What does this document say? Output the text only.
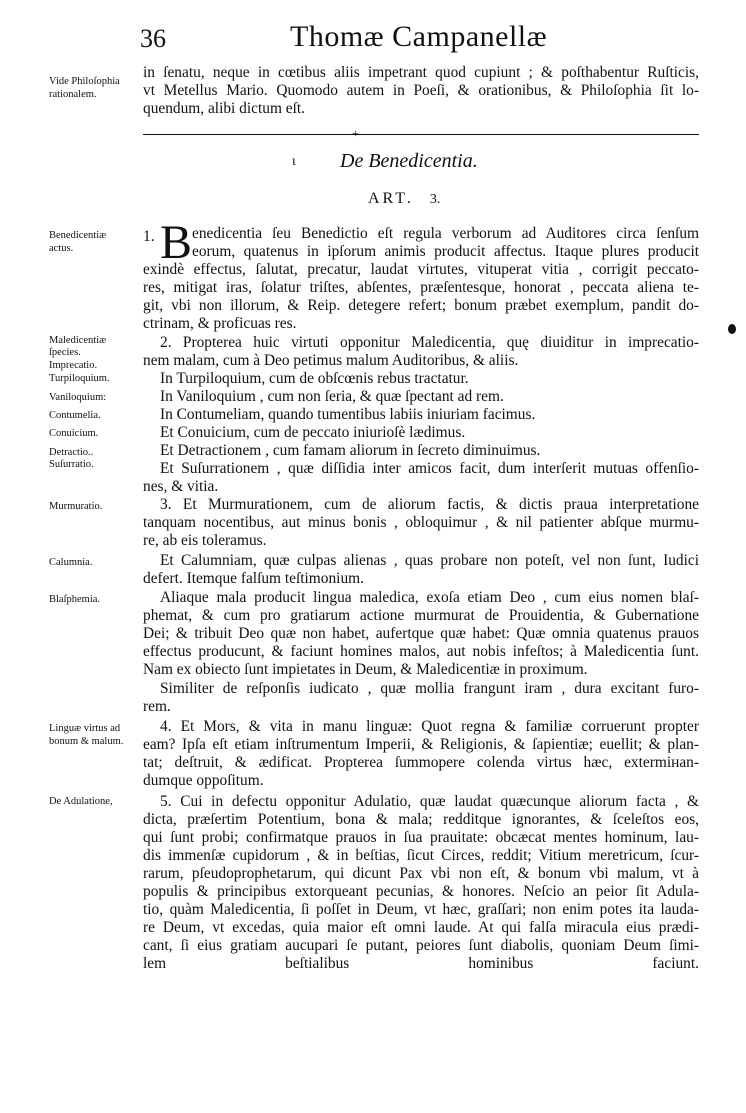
36	Thomæ Campanellæ
Vide Philoſophia
rationalem.
in ſenatu, neque in cœtibus aliis impetrant quod cupiunt ; & poſthabentur Ruſticis,
vt Metellus Mario. Quomodo autem in Poeſi, & orationibus, & Philoſophia ſit lo-
quendum, alibi dictum eſt.
+
ι De Benedicentia.
ART. 3.
Benedicentiæ
actus.
1. B enedicentia ſeu Benedictio eſt regula verborum ad Auditores circa ſenſum
eorum, quatenus in ipſorum animis producit affectus. Itaque plures producit
exindè effectus, ſalutat, precatur, laudat virtutes, vituperat vitia , corrigit peccato-
res, mitigat iras, ſolatur triſtes, abſentes, præſentesque, honorat , peccata aliena te-
git, vbi non illorum, & Reip. detegere refert; bonum præbet exemplum, pandit do-
ctrinam, & proficuas res.
Maledicentiæ
ſpecies.
Imprecatio.
Turpiloquium.
Vaniloquium:
Contumelia.
Conuicium.
Detractio..
Suſurratio.
2. Propterea huic virtuti opponitur Maledicentia, quę diuiditur in imprecatio-
nem malam, cum à Deo petimus malum Auditoribus, & aliis.
In Turpiloquium, cum de obſcœnis rebus tractatur.
In Vaniloquium , cum non ſeria, & quæ ſpectant ad rem.
In Contumeliam, quando tumentibus labiis iniuriam facimus.
Et Conuicium, cum de peccato iniurioſè lædimus.
Et Detractionem , cum famam aliorum in ſecreto diminuimus.
Et Suſurrationem , quæ diſſidia inter amicos facit, dum interſerit mutuas offenſio-
nes, & vitia.
Murmuratio.	3. Et Murmurationem, cum de aliorum factis, & dictis praua interpretatione
tanquam nocentibus, aut minus bonis , obloquimur , & nil patienter abſque murmu-
re, ab eis toleramus.
Calumnia.	Et Calumniam, quæ culpas alienas , quas probare non poteſt, vel non ſunt, Iudici
defert. Itemque falſum teſtimonium.
Blaſphemia.	Aliaque mala producit lingua maledica, exoſa etiam Deo , cum eius nomen blaſ-
phemat, & cum pro gratiarum actione murmurat de Prouidentia, & Gubernatione
Dei; & tribuit Deo quæ non habet, aufertque quæ habet: Quæ omnia quatenus prauos
effectus producunt, & faciunt homines malos, aut nobis infeſtos; à Maledicentia ſunt.
Nam ex obiecto ſunt impietates in Deum, & Maledicentiæ in proximum.
Similiter de reſponſis iudicato , quæ mollia frangunt iram , dura excitant furo-
rem.
Linguæ virtus ad
bonum & malum.
4. Et Mors, & vita in manu linguæ: Quot regna & familiæ corruerunt propter
eam? Ipſa eſt etiam inſtrumentum Imperii, & Religionis, & ſapientiæ; euellit; & plan-
tat; deſtruit, & ædificat. Propterea ſummopere colenda virtus hæc, extermінan-
dumque oppoſitum.
De Adulatione,	5. Cui in defectu opponitur Adulatio, quæ laudat quæcunque aliorum facta , &
dicta, præſertim Potentium, bona & mala; redditque ignorantes, & ſceleſtos eos,
qui ſunt probi; confirmatque prauos in ſua prauitate: obcæcat mentes hominum, lau-
dis immenſæ cupidorum , & in beſtias, ſicut Circes, reddit; Vitium meretricum, ſcur-
rarum, pſeudoprophetarum, qui dicunt Pax vbi non eſt, & bonum vbi malum, vt à
populis & principibus extorqueant pecunias, & honores. Neſcio an peior ſit Adula-
tio, quàm Maledicentia, ſi poſſet in Deum, vt hæc, graſſari; non enim potes ita lauda-
re Deum, vt excedas, quia maior eſt omni laude. At qui falſa miracula eius prædi-
cant, ſi eius gratiam aucupari ſe putant, peiores ſunt diabolis, quoniam Deum ſimi-
lem beſtialibus hominibus faciunt.
